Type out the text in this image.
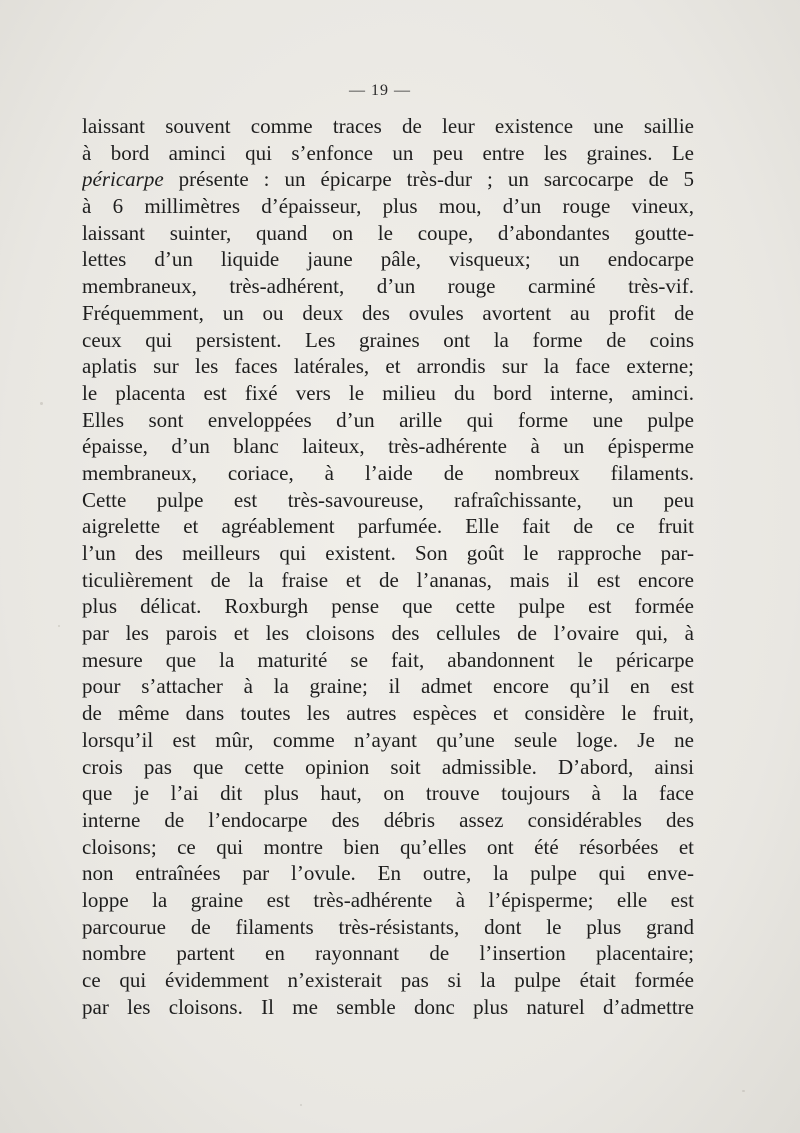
— 19 —
laissant souvent comme traces de leur existence une saillie
à bord aminci qui s’enfonce un peu entre les graines. Le
péricarpe présente : un épicarpe très-dur ; un sarcocarpe de 5
à 6 millimètres d’épaisseur, plus mou, d’un rouge vineux,
laissant suinter, quand on le coupe, d’abondantes goutte-
lettes d’un liquide jaune pâle, visqueux; un endocarpe
membraneux, très-adhérent, d’un rouge carminé très-vif.
Fréquemment, un ou deux des ovules avortent au profit de
ceux qui persistent. Les graines ont la forme de coins
aplatis sur les faces latérales, et arrondis sur la face externe;
le placenta est fixé vers le milieu du bord interne, aminci.
Elles sont enveloppées d’un arille qui forme une pulpe
épaisse, d’un blanc laiteux, très-adhérente à un épisperme
membraneux, coriace, à l’aide de nombreux filaments.
Cette pulpe est très-savoureuse, rafraîchissante, un peu
aigrelette et agréablement parfumée. Elle fait de ce fruit
l’un des meilleurs qui existent. Son goût le rapproche par-
ticulièrement de la fraise et de l’ananas, mais il est encore
plus délicat. Roxburgh pense que cette pulpe est formée
par les parois et les cloisons des cellules de l’ovaire qui, à
mesure que la maturité se fait, abandonnent le péricarpe
pour s’attacher à la graine; il admet encore qu’il en est
de même dans toutes les autres espèces et considère le fruit,
lorsqu’il est mûr, comme n’ayant qu’une seule loge. Je ne
crois pas que cette opinion soit admissible. D’abord, ainsi
que je l’ai dit plus haut, on trouve toujours à la face
interne de l’endocarpe des débris assez considérables des
cloisons; ce qui montre bien qu’elles ont été résorbées et
non entraînées par l’ovule. En outre, la pulpe qui enve-
loppe la graine est très-adhérente à l’épisperme; elle est
parcourue de filaments très-résistants, dont le plus grand
nombre partent en rayonnant de l’insertion placentaire;
ce qui évidemment n’existerait pas si la pulpe était formée
par les cloisons. Il me semble donc plus naturel d’admettre
